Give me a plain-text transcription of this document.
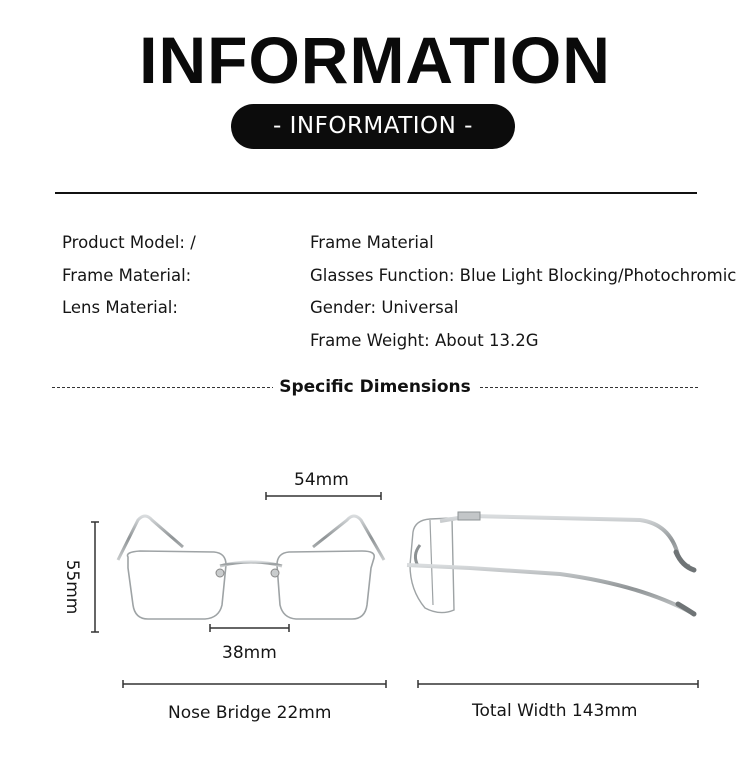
INFORMATION
- INFORMATION -
Product Model: /
Frame Material:
Lens Material:
Frame Material
Glasses Function: Blue Light Blocking/Photochromic
Gender: Universal
Frame Weight: About 13.2G
Specific Dimensions
54mm
55mm
38mm
Nose Bridge 22mm	Total Width 143mm
